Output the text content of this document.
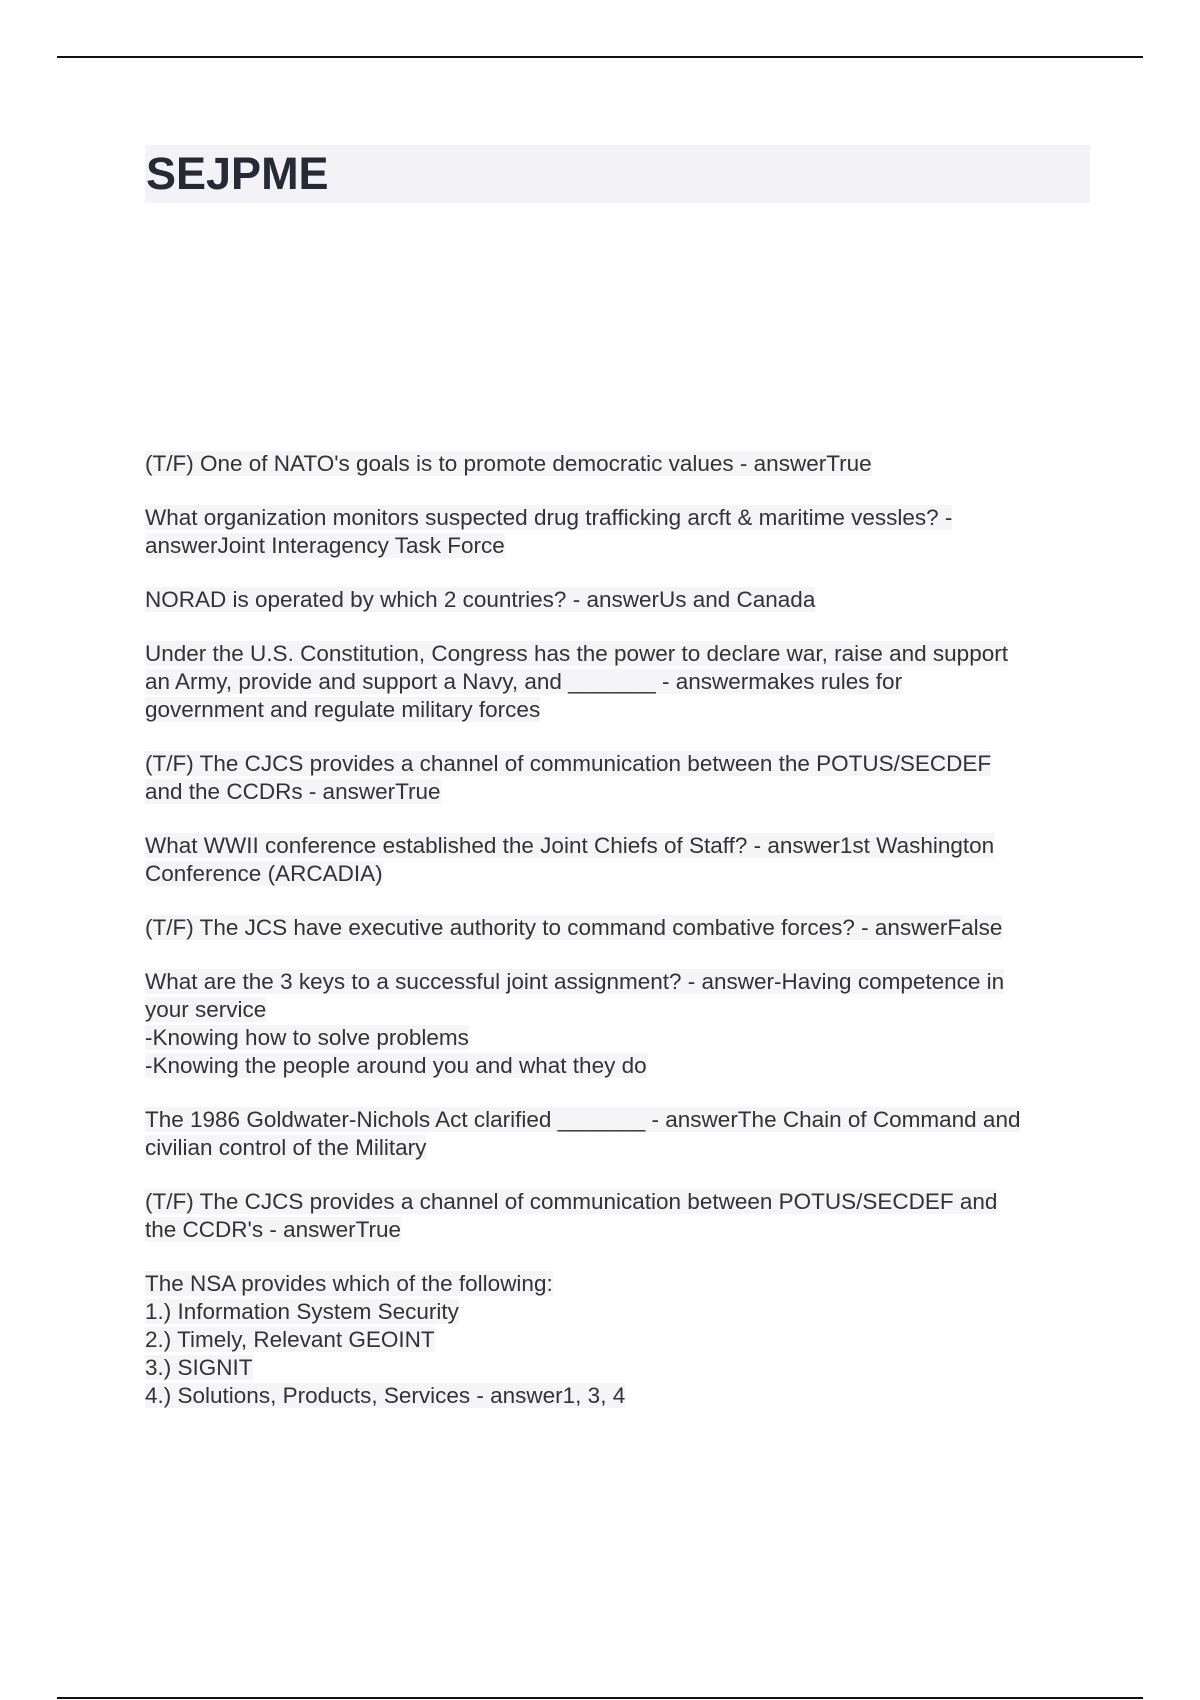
SEJPME
(T/F) One of NATO's goals is to promote democratic values - answerTrue
What organization monitors suspected drug trafficking arcft & maritime vessles? -
answerJoint Interagency Task Force
NORAD is operated by which 2 countries? - answerUs and Canada
Under the U.S. Constitution, Congress has the power to declare war, raise and support
an Army, provide and support a Navy, and _______ - answermakes rules for
government and regulate military forces
(T/F) The CJCS provides a channel of communication between the POTUS/SECDEF
and the CCDRs - answerTrue
What WWII conference established the Joint Chiefs of Staff? - answer1st Washington
Conference (ARCADIA)
(T/F) The JCS have executive authority to command combative forces? - answerFalse
What are the 3 keys to a successful joint assignment? - answer-Having competence in
your service
-Knowing how to solve problems
-Knowing the people around you and what they do
The 1986 Goldwater-Nichols Act clarified _______ - answerThe Chain of Command and
civilian control of the Military
(T/F) The CJCS provides a channel of communication between POTUS/SECDEF and
the CCDR's - answerTrue
The NSA provides which of the following:
1.) Information System Security
2.) Timely, Relevant GEOINT
3.) SIGNIT
4.) Solutions, Products, Services - answer1, 3, 4
